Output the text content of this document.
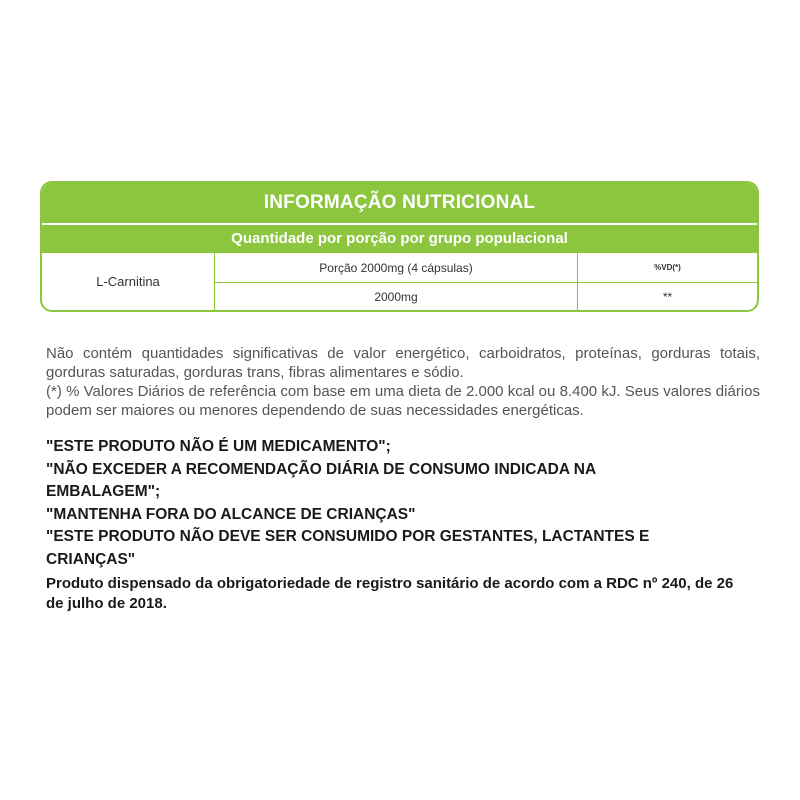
INFORMAÇÃO NUTRICIONAL
Quantidade por porção por grupo populacional
L-Carnitina
Porção 2000mg (4 cápsulas)	%VD(*)
2000mg	**

Não contém quantidades significativas de valor energético, carboidratos, proteínas, gorduras totais, gorduras saturadas, gorduras trans, fibras alimentares e sódio.

(*) % Valores Diários de referência com base em uma dieta de 2.000 kcal ou 8.400 kJ. Seus valores diários podem ser maiores ou menores dependendo de suas necessidades energéticas.

"ESTE PRODUTO NÃO É UM MEDICAMENTO";

"NÃO EXCEDER A RECOMENDAÇÃO DIÁRIA DE CONSUMO INDICADA NA EMBALAGEM";

"MANTENHA FORA DO ALCANCE DE CRIANÇAS"

"ESTE PRODUTO NÃO DEVE SER CONSUMIDO POR GESTANTES, LACTANTES E CRIANÇAS"

Produto dispensado da obrigatoriedade de registro sanitário de acordo com a RDC nº 240, de 26 de julho de 2018.
